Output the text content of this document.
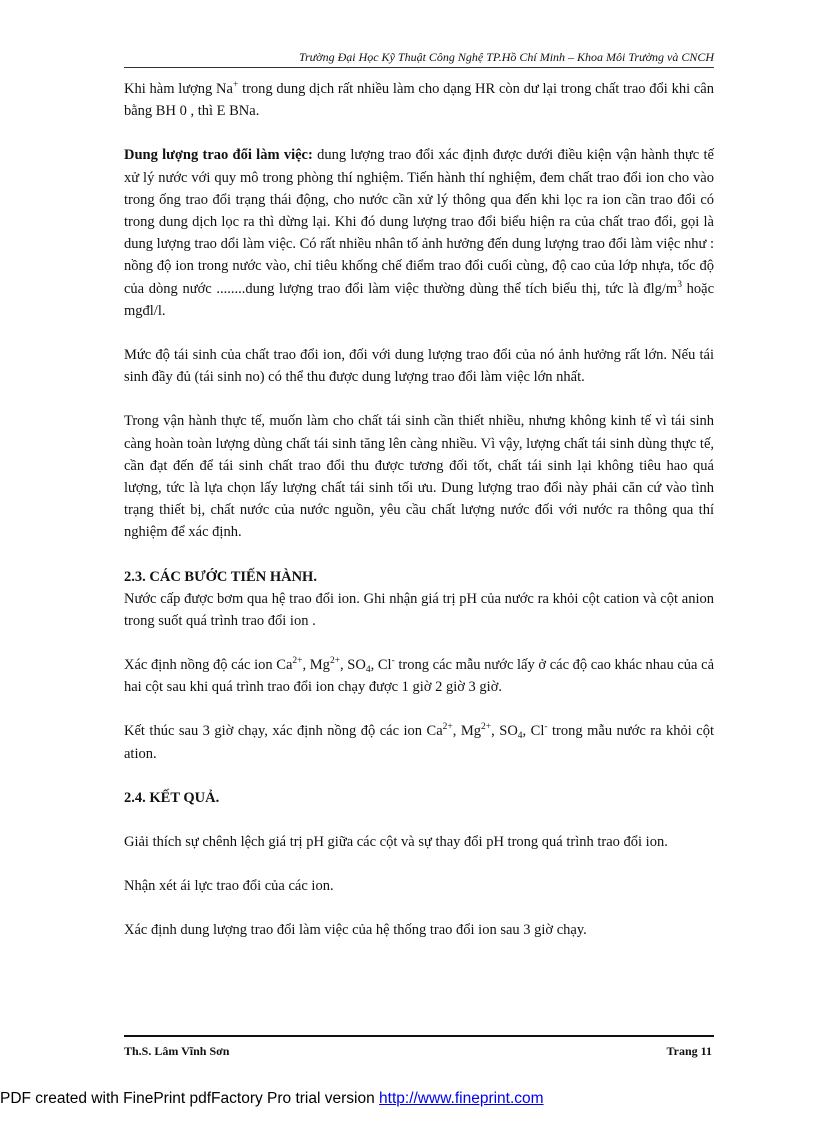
Trường Đại Học Kỹ Thuật Công Nghệ TP.Hồ Chí Minh – Khoa Môi Trường và CNCH

Khi hàm lượng Na+ trong dung dịch rất nhiều làm cho dạng HR còn dư lại trong chất trao đổi khi cân bằng BH 0 , thì E BNa.

Dung lượng trao đổi làm việc: dung lượng trao đổi xác định được dưới điều kiện vận hành thực tế xử lý nước với quy mô trong phòng thí nghiệm. Tiến hành thí nghiệm, đem chất trao đổi ion cho vào trong ống trao đổi trạng thái động, cho nước cần xử lý thông qua đến khi lọc ra ion cần trao đổi có trong dung dịch lọc ra thì dừng lại. Khi đó dung lượng trao đổi biểu hiện ra của chất trao đổi, gọi là dung lượng trao dổi làm việc. Có rất nhiều nhân tố ảnh hưởng đến dung lượng trao đổi làm việc như : nồng độ ion trong nước vào, chỉ tiêu khống chế điểm trao đổi cuối cùng, độ cao của lớp nhựa, tốc độ của dòng nước ........dung lượng trao đổi làm việc thường dùng thể tích biểu thị, tức là đlg/$m^3$ hoặc mgđl/l.

Mức độ tái sinh của chất trao đổi ion, đối với dung lượng trao đổi của nó ảnh hưởng rất lớn. Nếu tái sinh đầy đủ (tái sinh no) có thể thu được dung lượng trao đổi làm việc lớn nhất.

Trong vận hành thực tế, muốn làm cho chất tái sinh cần thiết nhiều, nhưng không kinh tế vì tái sinh càng hoàn toàn lượng dùng chất tái sinh tăng lên càng nhiều. Vì vậy, lượng chất tái sinh dùng thực tế, cần đạt đến để tái sinh chất trao đổi thu được tương đối tốt, chất tái sinh lại không tiêu hao quá lượng, tức là lựa chọn lấy lượng chất tái sinh tối ưu. Dung lượng trao đổi này phải căn cứ vào tình trạng thiết bị, chất nước của nước nguồn, yêu cầu chất lượng nước đối với nước ra thông qua thí nghiệm để xác định.

2.3. CÁC BƯỚC TIẾN HÀNH.

Nước cấp được bơm qua hệ trao đổi ion. Ghi nhận giá trị pH của nước ra khỏi cột cation và cột anion trong suốt quá trình trao đổi ion .

Xác định nồng độ các ion $Ca^{2+}$, $Mg^{2+}$, $SO_4$, Cl- trong các mẫu nước lấy ở các độ cao khác nhau của cả hai cột sau khi quá trình trao đổi ion chạy được 1 giờ 2 giờ 3 giờ.

Kết thúc sau 3 giờ chạy, xác định nồng độ các ion $Ca^{2+}$, $Mg^{2+}$, $SO_4$, Cl- trong mẫu nước ra khỏi cột ation.

2.4. KẾT QUẢ.

Giải thích sự chênh lệch giá trị pH giữa các cột và sự thay đổi pH trong quá trình trao đổi ion.

Nhận xét ái lực trao đổi của các ion.

Xác định dung lượng trao đổi làm việc của hệ thống trao đổi ion sau 3 giờ chạy.

Th.S. Lâm Vĩnh Sơn	Trang 11
PDF created with FinePrint pdfFactory Pro trial version http://www.fineprint.com
